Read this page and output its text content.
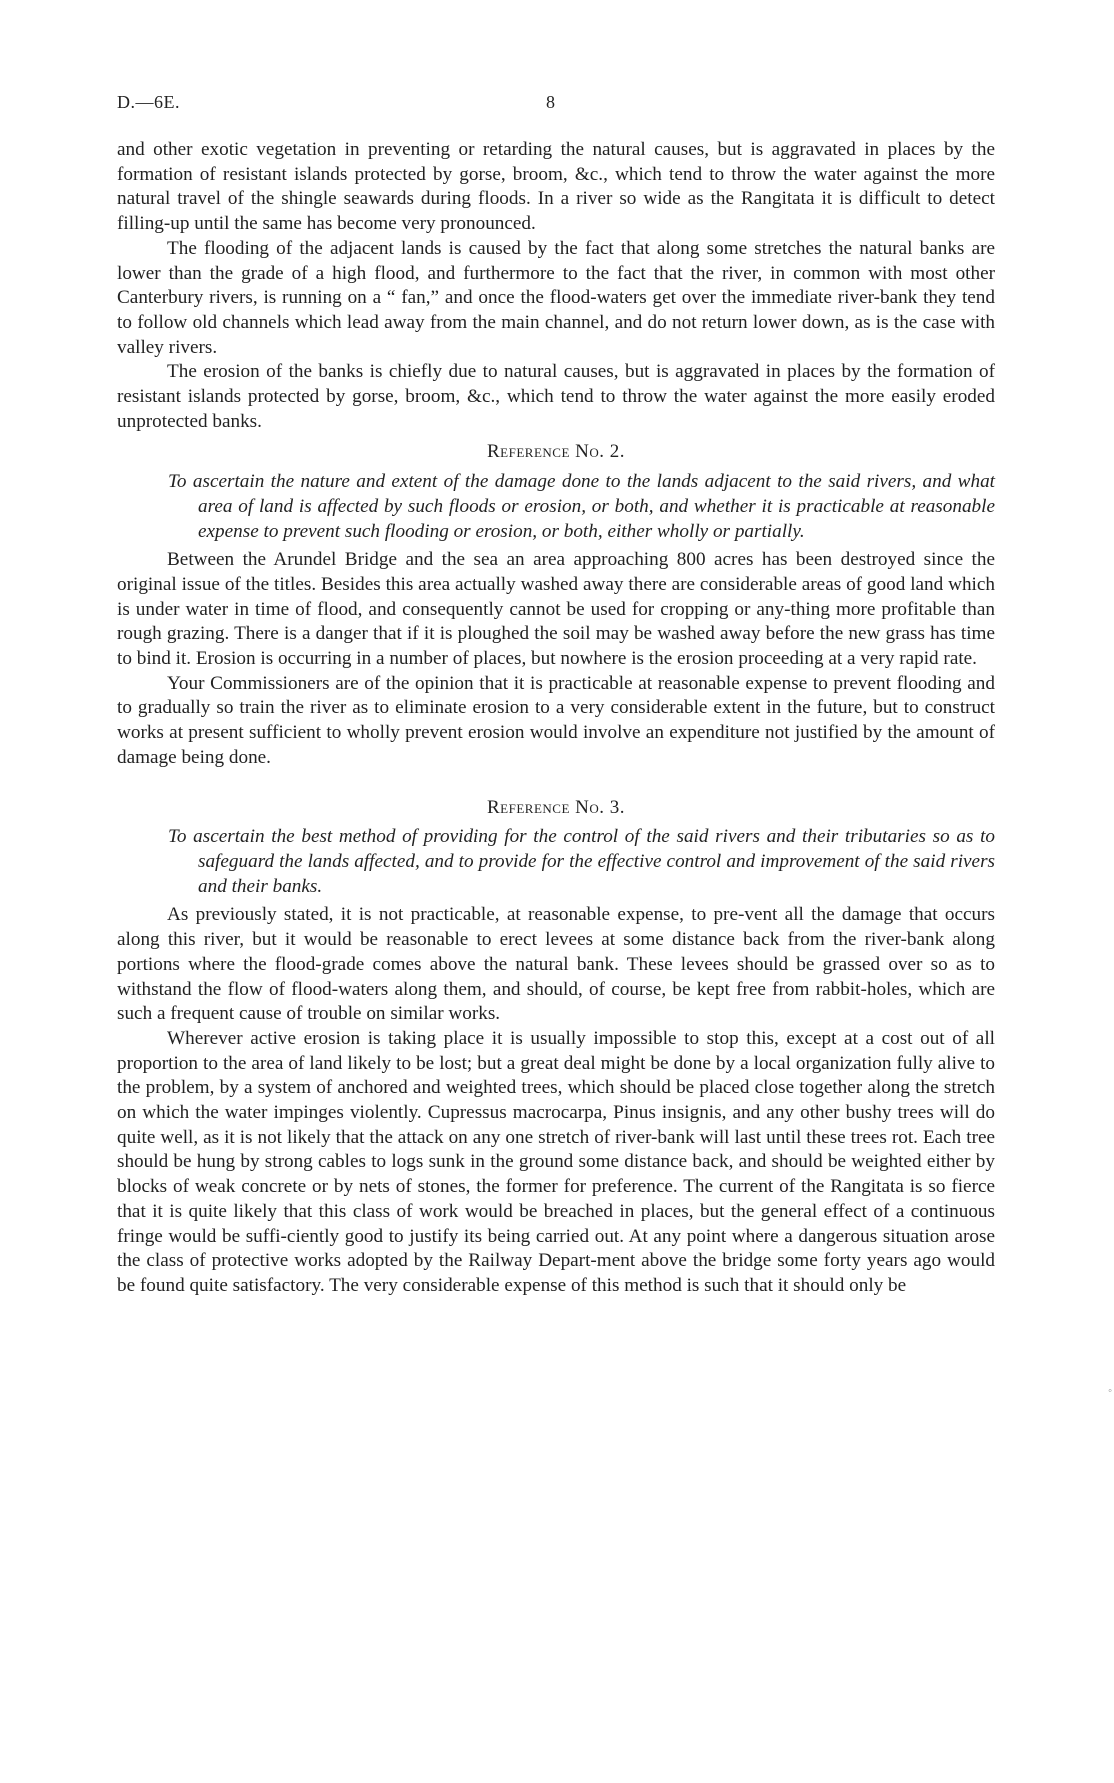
D.—6E.	8

and other exotic vegetation in preventing or retarding the natural causes, but is aggravated in places by the formation of resistant islands protected by gorse, broom, &c., which tend to throw the water against the more natural travel of the shingle seawards during floods. In a river so wide as the Rangitata it is difficult to detect filling-up until the same has become very pronounced.

The flooding of the adjacent lands is caused by the fact that along some stretches the natural banks are lower than the grade of a high flood, and furthermore to the fact that the river, in common with most other Canterbury rivers, is running on a “ fan,” and once the flood-waters get over the immediate river-bank they tend to follow old channels which lead away from the main channel, and do not return lower down, as is the case with valley rivers.

The erosion of the banks is chiefly due to natural causes, but is aggravated in places by the formation of resistant islands protected by gorse, broom, &c., which tend to throw the water against the more easily eroded unprotected banks.

Reference No. 2.
To ascertain the nature and extent of the damage done to the lands adjacent to the said rivers, and what area of land is affected by such floods or erosion, or both, and whether it is practicable at reasonable expense to prevent such flooding or erosion, or both, either wholly or partially.

Between the Arundel Bridge and the sea an area approaching 800 acres has been destroyed since the original issue of the titles. Besides this area actually washed away there are considerable areas of good land which is under water in time of flood, and consequently cannot be used for cropping or any-thing more profitable than rough grazing. There is a danger that if it is ploughed the soil may be washed away before the new grass has time to bind it. Erosion is occurring in a number of places, but nowhere is the erosion proceeding at a very rapid rate.

Your Commissioners are of the opinion that it is practicable at reasonable expense to prevent flooding and to gradually so train the river as to eliminate erosion to a very considerable extent in the future, but to construct works at present sufficient to wholly prevent erosion would involve an expenditure not justified by the amount of damage being done.

Reference No. 3.
To ascertain the best method of providing for the control of the said rivers and their tributaries so as to safeguard the lands affected, and to provide for the effective control and improvement of the said rivers and their banks.

As previously stated, it is not practicable, at reasonable expense, to pre-vent all the damage that occurs along this river, but it would be reasonable to erect levees at some distance back from the river-bank along portions where the flood-grade comes above the natural bank. These levees should be grassed over so as to withstand the flow of flood-waters along them, and should, of course, be kept free from rabbit-holes, which are such a frequent cause of trouble on similar works.

Wherever active erosion is taking place it is usually impossible to stop this, except at a cost out of all proportion to the area of land likely to be lost; but a great deal might be done by a local organization fully alive to the problem, by a system of anchored and weighted trees, which should be placed close together along the stretch on which the water impinges violently. Cupressus macrocarpa, Pinus insignis, and any other bushy trees will do quite well, as it is not likely that the attack on any one stretch of river-bank will last until these trees rot. Each tree should be hung by strong cables to logs sunk in the ground some distance back, and should be weighted either by blocks of weak concrete or by nets of stones, the former for preference. The current of the Rangitata is so fierce that it is quite likely that this class of work would be breached in places, but the general effect of a continuous fringe would be suffi-ciently good to justify its being carried out. At any point where a dangerous situation arose the class of protective works adopted by the Railway Depart-ment above the bridge some forty years ago would be found quite satisfactory. The very considerable expense of this method is such that it should only be

◦
